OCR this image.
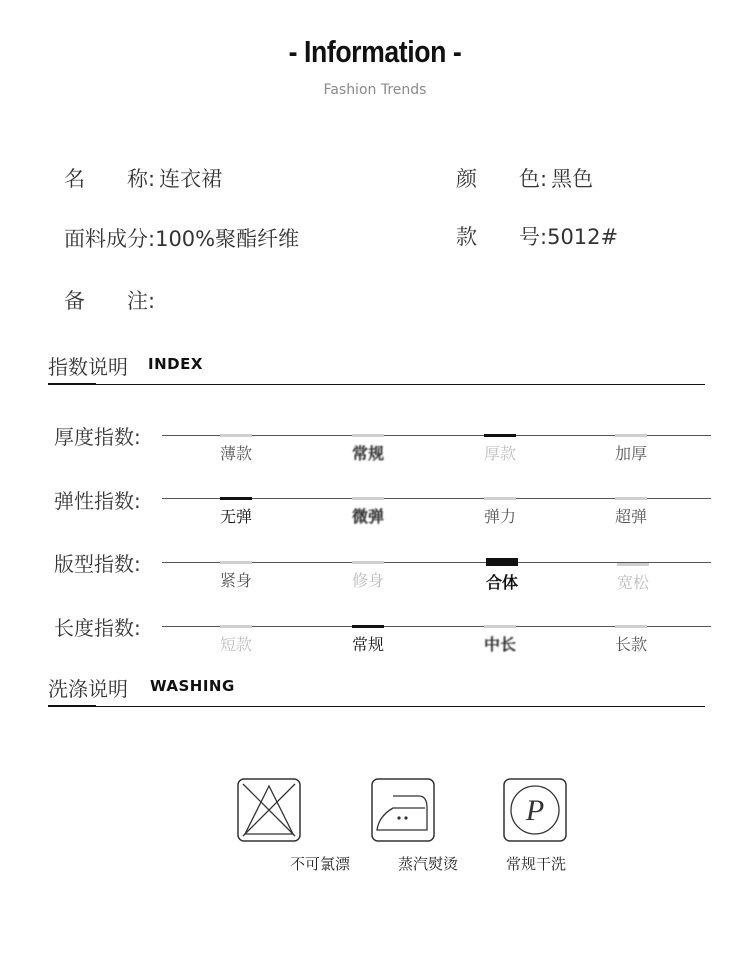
- Information -
Fashion Trends
名　　称: 连衣裙	颜　　色: 黑色
面料成分:100%聚酯纤维	款　　号:5012#
备　　注:
指数说明 INDEX
厚度指数:
薄款	常规	厚款	加厚
弹性指数:
无弹	微弹	弹力	超弹
版型指数:
紧身	修身	合体	宽松
长度指数:
短款	常规	中长	长款
洗涤说明 WASHING
P
不可氯漂	蒸汽熨烫	常规干洗
